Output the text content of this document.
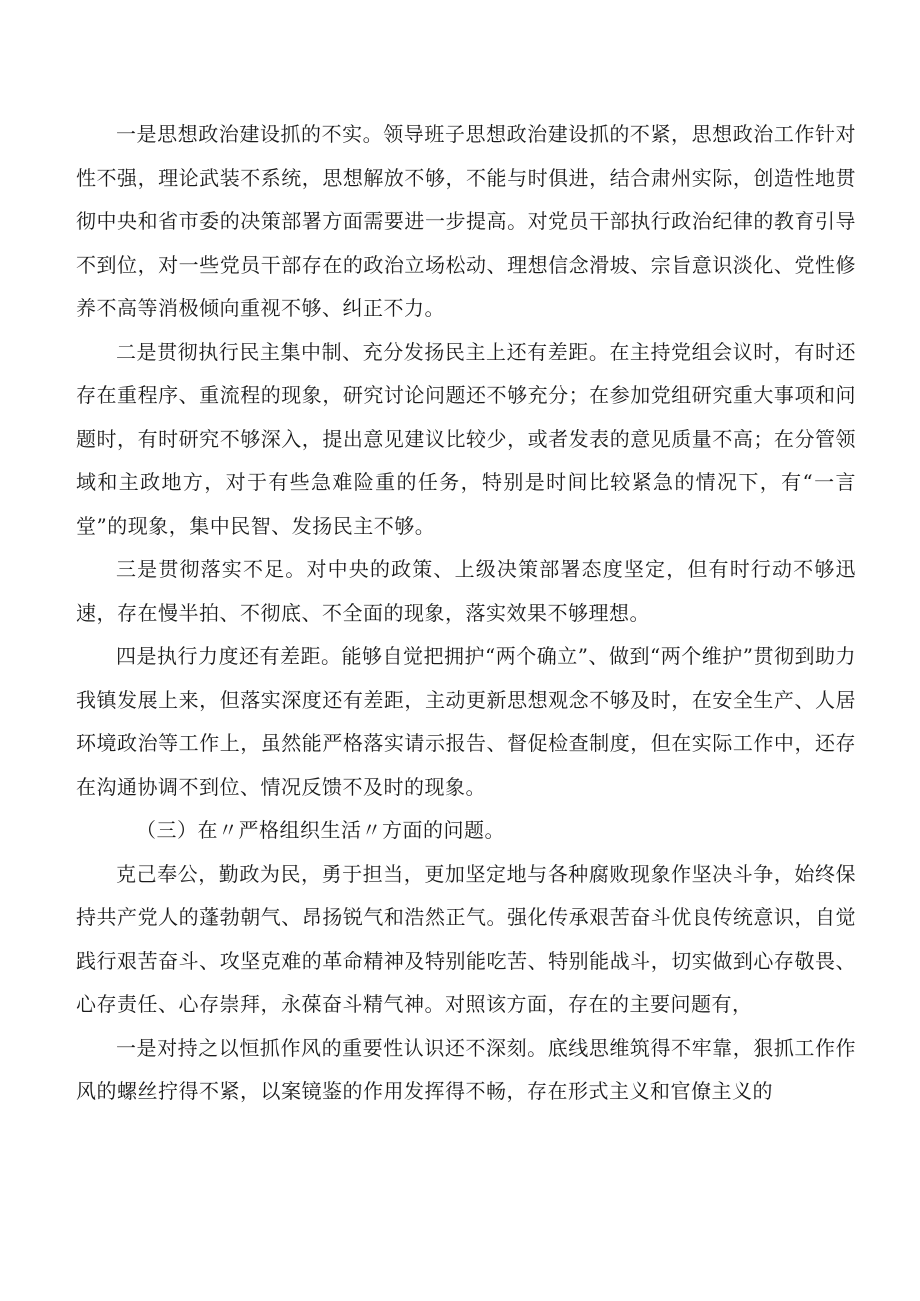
一是思想政治建设抓的不实。领导班子思想政治建设抓的不紧，思想政治工作针对性不强，理论武装不系统，思想解放不够，不能与时俱进，结合肃州实际，创造性地贯彻中央和省市委的决策部署方面需要进一步提高。对党员干部执行政治纪律的教育引导不到位，对一些党员干部存在的政治立场松动、理想信念滑坡、宗旨意识淡化、党性修养不高等消极倾向重视不够、纠正不力。

二是贯彻执行民主集中制、充分发扬民主上还有差距。在主持党组会议时，有时还存在重程序、重流程的现象，研究讨论问题还不够充分；在参加党组研究重大事项和问题时，有时研究不够深入，提出意见建议比较少，或者发表的意见质量不高；在分管领域和主政地方，对于有些急难险重的任务，特别是时间比较紧急的情况下，有“一言堂”的现象，集中民智、发扬民主不够。

三是贯彻落实不足。对中央的政策、上级决策部署态度坚定，但有时行动不够迅速，存在慢半拍、不彻底、不全面的现象，落实效果不够理想。

四是执行力度还有差距。能够自觉把拥护“两个确立”、做到“两个维护”贯彻到助力我镇发展上来，但落实深度还有差距，主动更新思想观念不够及时，在安全生产、人居环境政治等工作上，虽然能严格落实请示报告、督促检查制度，但在实际工作中，还存在沟通协调不到位、情况反馈不及时的现象。

（三）在〃严格组织生活〃方面的问题。

克己奉公，勤政为民，勇于担当，更加坚定地与各种腐败现象作坚决斗争，始终保持共产党人的蓬勃朝气、昂扬锐气和浩然正气。强化传承艰苦奋斗优良传统意识，自觉践行艰苦奋斗、攻坚克难的革命精神及特别能吃苦、特别能战斗，切实做到心存敬畏、心存责任、心存崇拜，永葆奋斗精气神。对照该方面，存在的主要问题有，

一是对持之以恒抓作风的重要性认识还不深刻。底线思维筑得不牢靠，狠抓工作作风的螺丝拧得不紧，以案镜鉴的作用发挥得不畅，存在形式主义和官僚主义的
